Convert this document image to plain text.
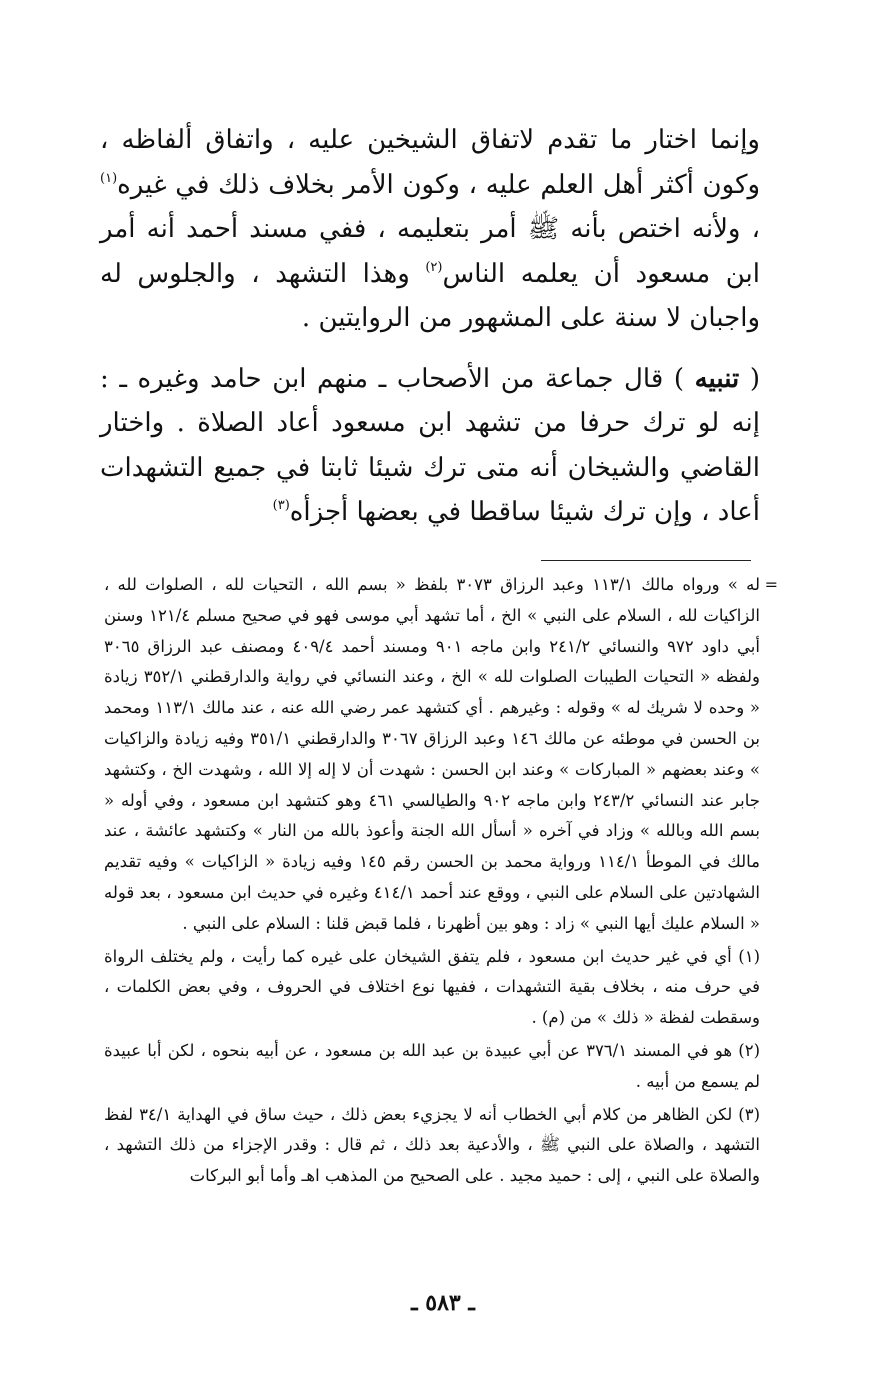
وإنما اختار ما تقدم لاتفاق الشيخين عليه ، واتفاق ألفاظه ، وكون أكثر أهل العلم عليه ، وكون الأمر بخلاف ذلك في غيره$^{(١)}$ ، ولأنه اختص بأنه ﷺ أمر بتعليمه ، ففي مسند أحمد أنه أمر ابن مسعود أن يعلمه الناس$^{(٢)}$ وهذا التشهد ، والجلوس له واجبان لا سنة على المشهور من الروايتين .

( تنبيه ) قال جماعة من الأصحاب ـ منهم ابن حامد وغيره ـ : إنه لو ترك حرفا من تشهد ابن مسعود أعاد الصلاة . واختار القاضي والشيخان أنه متى ترك شيئا ثابتا في جميع التشهدات أعاد ، وإن ترك شيئا ساقطا في بعضها أجزأه$^{(٣)}$

=
له » ورواه مالك ١١٣/١ وعبد الرزاق ٣٠٧٣ بلفظ « بسم الله ، التحيات لله ، الصلوات لله ، الزاكيات لله ، السلام على النبي » الخ ، أما تشهد أبي موسى فهو في صحيح مسلم ١٢١/٤ وسنن أبي داود ٩٧٢ والنسائي ٢٤١/٢ وابن ماجه ٩٠١ ومسند أحمد ٤٠٩/٤ ومصنف عبد الرزاق ٣٠٦٥ ولفظه « التحيات الطيبات الصلوات لله » الخ ، وعند النسائي في رواية والدارقطني ٣٥٢/١ زيادة « وحده لا شريك له » وقوله : وغيرهم . أي كتشهد عمر رضي الله عنه ، عند مالك ١١٣/١ ومحمد بن الحسن في موطئه عن مالك ١٤٦ وعبد الرزاق ٣٠٦٧ والدارقطني ٣٥١/١ وفيه زيادة والزاكيات » وعند بعضهم « المباركات » وعند ابن الحسن : شهدت أن لا إله إلا الله ، وشهدت الخ ، وكتشهد جابر عند النسائي ٢٤٣/٢ وابن ماجه ٩٠٢ والطيالسي ٤٦١ وهو كتشهد ابن مسعود ، وفي أوله « بسم الله وبالله » وزاد في آخره « أسأل الله الجنة وأعوذ بالله من النار » وكتشهد عائشة ، عند مالك في الموطأ ١١٤/١ ورواية محمد بن الحسن رقم ١٤٥ وفيه زيادة « الزاكيات » وفيه تقديم الشهادتين على السلام على النبي ، ووقع عند أحمد ٤١٤/١ وغيره في حديث ابن مسعود ، بعد قوله « السلام عليك أيها النبي » زاد : وهو بين أظهرنا ، فلما قبض قلنا : السلام على النبي .

(١) أي في غير حديث ابن مسعود ، فلم يتفق الشيخان على غيره كما رأيت ، ولم يختلف الرواة في حرف منه ، بخلاف بقية التشهدات ، ففيها نوع اختلاف في الحروف ، وفي بعض الكلمات ، وسقطت لفظة « ذلك » من (م) .

(٢) هو في المسند ٣٧٦/١ عن أبي عبيدة بن عبد الله بن مسعود ، عن أبيه بنحوه ، لكن أبا عبيدة لم يسمع من أبيه .

(٣) لكن الظاهر من كلام أبي الخطاب أنه لا يجزيء بعض ذلك ، حيث ساق في الهداية ٣٤/١ لفظ التشهد ، والصلاة على النبي ﷺ ، والأدعية بعد ذلك ، ثم قال : وقدر الإجزاء من ذلك التشهد ، والصلاة على النبي ، إلى : حميد مجيد . على الصحيح من المذهب اهـ وأما أبو البركات

ـ ٥٨٣ ـ
